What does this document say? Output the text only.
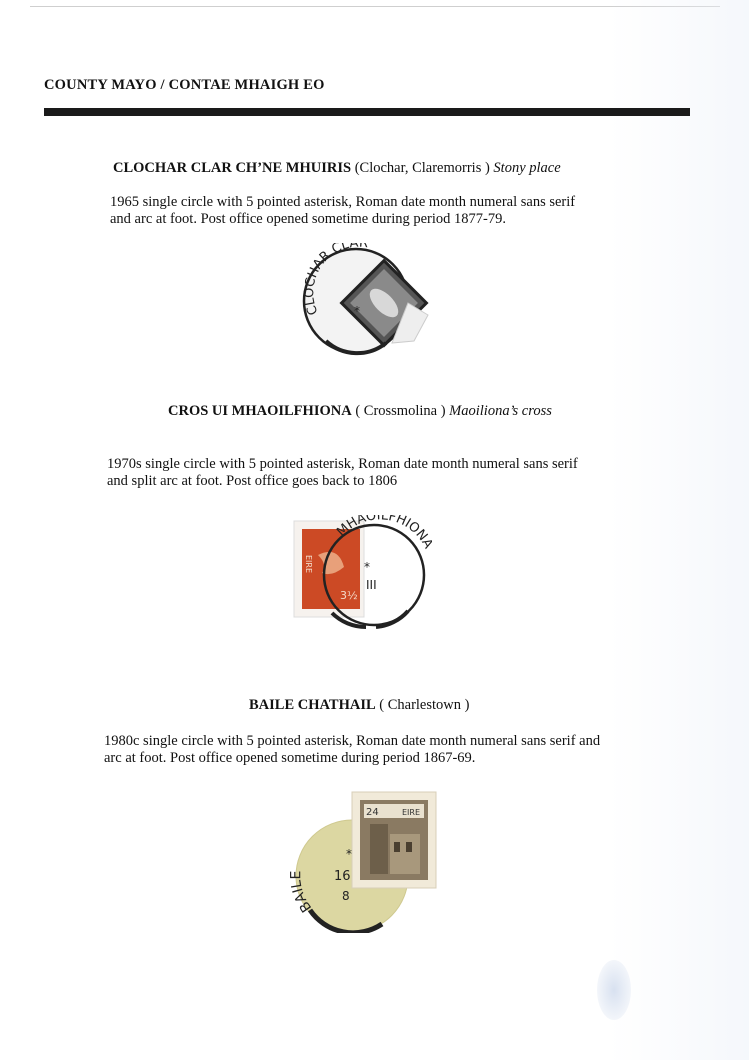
COUNTY MAYO / CONTAE MHAIGH EO
CLOCHAR CLAR CH’NE MHUIRIS (Clochar, Claremorris ) Stony place
1965 single circle with 5 pointed asterisk, Roman date month numeral sans serif
and arc at foot. Post office opened sometime during period 1877-79.
CLOCHAR CLAR
*
CROS UI MHAOILFHIONA ( Crossmolina ) Maoiliona’s cross
1970s single circle with 5 pointed asterisk, Roman date month numeral sans serif
and split arc at foot. Post office goes back to 1806
EIRE
3½
MHAOILFHION
*
III
BAILE CHATHAIL ( Charlestown )
1980c single circle with 5 pointed asterisk, Roman date month numeral sans serif and
arc at foot. Post office opened sometime during period 1867-69.
BAIL
*
16
8
24	EIRE
